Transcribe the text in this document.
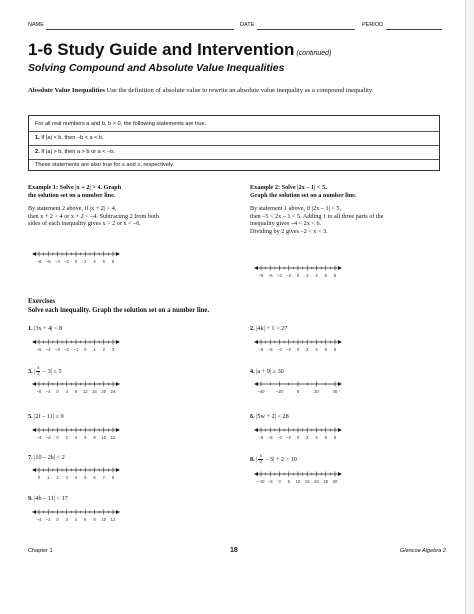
NAME	DATE	PERIOD
1-6 Study Guide and Intervention (continued)
Solving Compound and Absolute Value Inequalities
Absolute Value Inequalities Use the definition of absolute value to rewrite an absolute value inequality as a compound inequality.
For all real numbers a and b, b > 0, the following statements are true.
1. If |a| < b, then –b < a < b.
2. If |a| > b, then a > b or a < –b.
These statements are also true for ≤ and ≥, respectively.

Example 1: Solve |x + 2| > 4. Graph

the solution set on a number line.

By statement 2 above, if |x + 2| > 4,

then x + 2 > 4 or x + 2 < –4. Subtracting 2 from both

sides of each inequality gives x > 2 or x < –6.

Example 2: Solve |2x – 1| < 5.

Graph the solution set on a number line.

By statement 1 above, if |2x – 1| < 5,

then –5 < 2x – 1 < 5. Adding 1 to all three parts of the

inequality gives –4 < 2x < 6.

Dividing by 2 gives –2 < x < 3.

–8 –6 –4 –2 0 2 4 6 8
–8 –6 –4 –2 0 2 4 6 8
Exercises
Solve each inequality. Graph the solution set on a number line.
1. |3x + 4| < 8
–5 –4 –3 –2 –1 0 1 2 3
2. |4k| + 1 > 27
–8 –6 –4 –2 0 2 4 6 8
3. | $\frac{s}{2} - 3| \le 5$
–8 –4 0 4 8 12 16 20 24
4. |a + 9| ≥ 30
–40	–20	0	20	40
5. |2f – 11| ≥ 9
–4 –2 0 2 4 6 8 10 12
6. |5w + 2| < 28
–8 –6 –4 –2 0 2 4 6 8
7. |10 – 2k| < 2
0 1 2 3 4 5 6 7 8
8. | $\frac{x}{2} - 5| + 2 > 10$
–10 –5 0 5 10 15 20 25 30
9. |4b – 11| < 17
–4 –2 0 2 4 6 8 10 12
Chapter 1	18	Glencoe Algebra 2
